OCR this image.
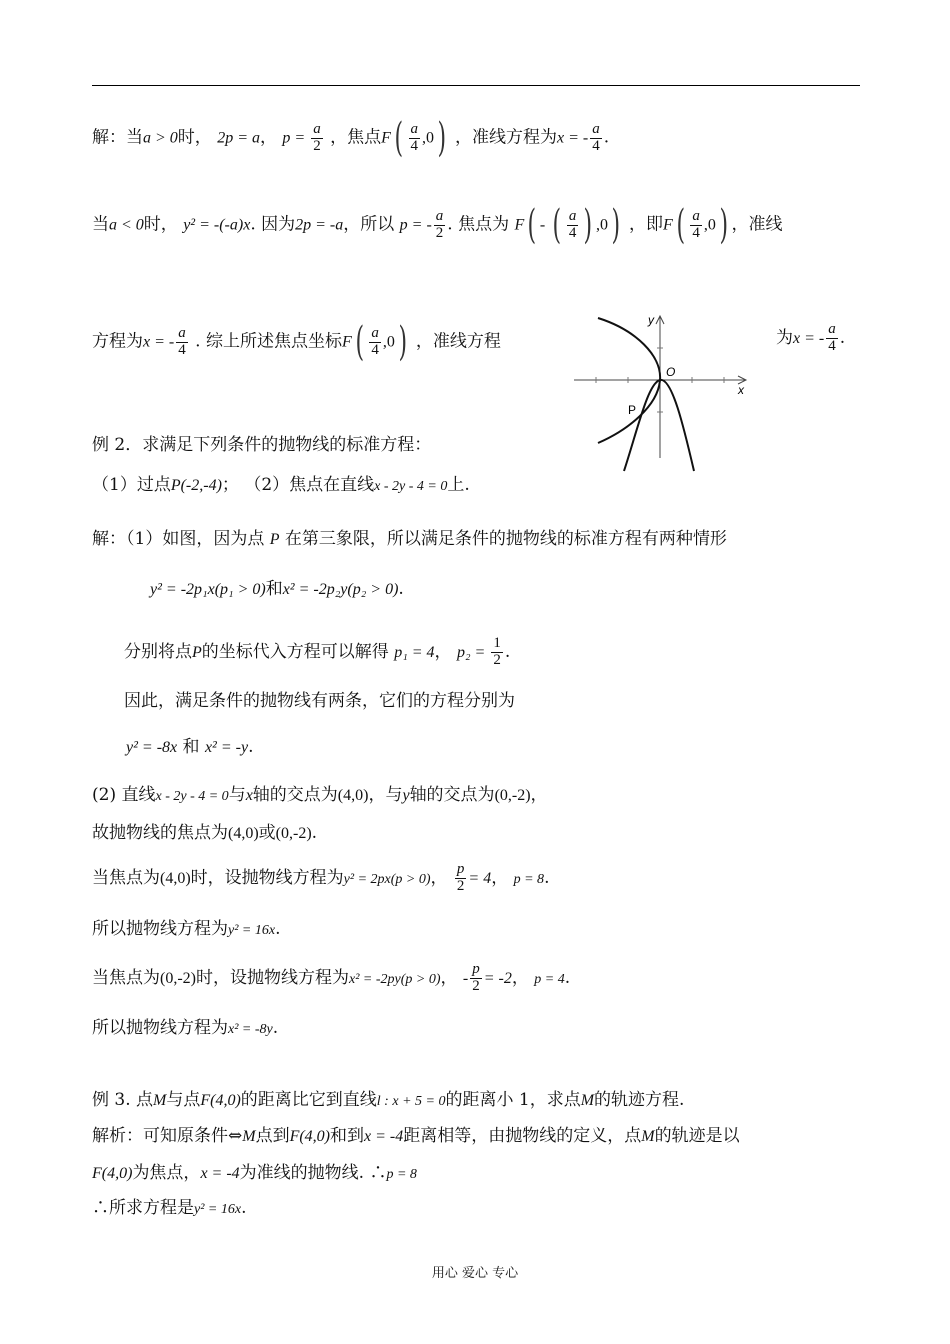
解：当a > 0时， 2p = a， $p = \frac{a}{2}$ ，焦点$F( \frac{a}{4} ,0)$ ，准线方程为x = - $\frac{a}{4}$ .
当a < 0时， y² = -(-a)x. 因为2p = -a，所以 p = - $\frac{a}{2}$ . 焦点为 F( - ( $\frac{a}{4}$ ) ,0) ，即$F( \frac{a}{4} ,0)$ ，准线
方程为x = - $\frac{a}{4}$ . 综上所述焦点坐标$F( \frac{a}{4} ,0)$ ，准线方程	为x = - $\frac{a}{4}$ .
y
x
O
P
例 2．求满足下列条件的抛物线的标准方程：
（1）过点P(-2,-4)； （2）焦点在直线x - 2y - 4 = 0上.
解：（1）如图，因为点 P 在第三象限，所以满足条件的抛物线的标准方程有两种情形
y² = -2p₁x(p₁ > 0)和x² = -2p₂y(p₂ > 0).
分别将点P的坐标代入方程可以解得 p₁ = 4， $p_2 = \frac{1}{2}$ .
因此，满足条件的抛物线有两条，它们的方程分别为
y² = -8x 和 x² = -y.
(2) 直线x - 2y - 4 = 0与x轴的交点为(4,0)，与y轴的交点为(0,-2)，
故抛物线的焦点为(4,0)或(0,-2).
当焦点为(4,0)时，设抛物线方程为y² = 2px(p > 0)， $\frac{p}{2} = 4$， p = 8.
所以抛物线方程为y² = 16x.
当焦点为(0,-2)时，设抛物线方程为x² = -2py(p > 0)， - $\frac{p}{2} = -2$， p = 4.
所以抛物线方程为x² = -8y.
例 3. 点M与点F(4,0)的距离比它到直线l : x + 5 = 0的距离小 1，求点M的轨迹方程.
解析：可知原条件⇔M点到F(4,0)和到x = -4距离相等，由抛物线的定义，点M的轨迹是以
F(4,0)为焦点，x = -4为准线的抛物线. ∴p = 8
∴所求方程是y² = 16x.
用心 爱心 专心
